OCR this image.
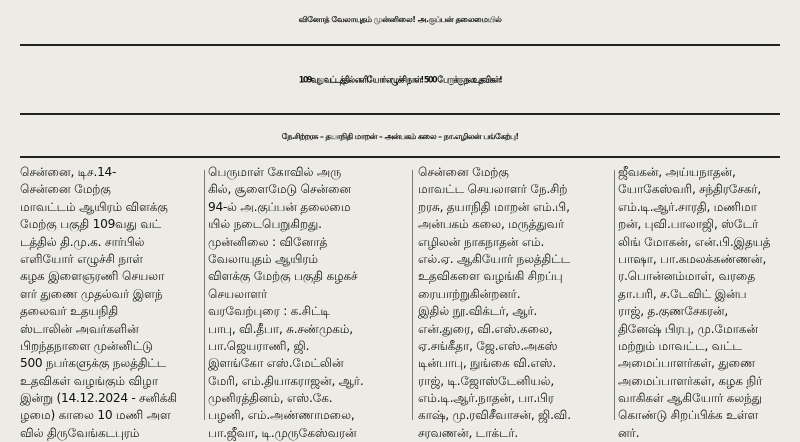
வினோத் வேலாயுதம் முன்னிலை! அ.குப்பன் தலைமையில்
109வது வட்டத்தில் எளியோர் எழுச்சி நாள்! 500 பேருக்கு நலஉதவிகள்!
நே.சிற்றரசு – தயாநிதி மாறன் – அன்பகம் கலை – நா.எழிலன் பங்கேற்பு!
சென்னை, டிச.14-
சென்னை மேற்கு
மாவட்டம் ஆயிரம் விளக்கு
மேற்கு பகுதி 109வது வட்
டத்தில் தி.மு.க. சார்பில்
எளியோர் எழுச்சி நாள்
கழக இளைஞரணி செயலா
ளர் துணை முதல்வர் இளந்
தலைவர் உதயநிதி
ஸ்டாலின் அவர்களின்
பிறந்தநாளை முன்னிட்டு
500 நபர்களுக்கு நலத்திட்ட
உதவிகள் வழங்கும் விழா
இன்று (14.12.2024 - சனிக்கி
ழமை) காலை 10 மணி அள
வில் திருவேங்கடபுரம்
பெருமாள் கோவில் அரு
கில், சூளைமேடு சென்னை
94-ல் அ.குப்பன் தலைமை
யில் நடைபெறுகிறது.
முன்னிலை : வினோத்
வேலாயுதம் ஆயிரம்
விளக்கு மேற்கு பகுதி கழகச்
செயலாளர்
வரவேற்புரை : க.சிட்டி
பாபு, வி.தீபா, சு.சண்முகம்,
பா.ஜெயராணி, ஜி.
இளங்கோ எஸ்.மேட்லின்
மேரி, எம்.தியாகராஜன், ஆர்.
முனிரத்தினம், எஸ்.கே.
பழனி, எம்.அண்ணாமலை,
பா.ஜீவா, டி.முருகேஸ்வரன்
சென்னை மேற்கு
மாவட்ட செயலாளர் நே.சிற்
றரசு, தயாநிதி மாறன் எம்.பி,
அன்பகம் கலை, மருத்துவர்
எழிலன் நாகநாதன் எம்.
எல்.ஏ. ஆகியோர் நலத்திட்ட
உதவிகளை வழங்கி சிறப்பு
ரையாற்றுகின்றனர்.
இதில் நூ.விக்டர், ஆர்.
என்.துரை, வி.எஸ்.கலை,
ஏ.சங்கீதா, ஜே.எஸ்.அகஸ்
டின்பாபு, நுங்கை வி.எஸ்.
ராஜ், டி.ஜோஸ்டேனியல்,
எம்.டி.ஆர்.நாதன், பா.பிர
காஷ், மு.ரவிசீவாசன், ஜி.வி.
சரவணன், டாக்டர்.
ஜீவகன், அய்யநாதன்,
யோகேஸ்வரி, சந்திரசேகர்,
எம்.டி.ஆர்.சாரதி, மணிமா
றன், புவி.பாலாஜி, ஸ்டேர்
லிங் மோகன், என்.பி.இதயத்
பாஷா, பா.கமலக்கண்ணன்,
ர.பொன்னம்மாள், வரதை
தா.பரி, ச.டேவிட் இன்ப
ராஜ், த.குணசேகரன்,
தினேஷ் பிரபு, மு.மோகன்
மற்றும் மாவட்ட, வட்ட
அமைப்பாளர்கள், துணை
அமைப்பாளர்கள், கழக நிர்
வாகிகள் ஆகியோர் கலந்து
கொண்டு சிறப்பிக்க உள்ள
னர்.
